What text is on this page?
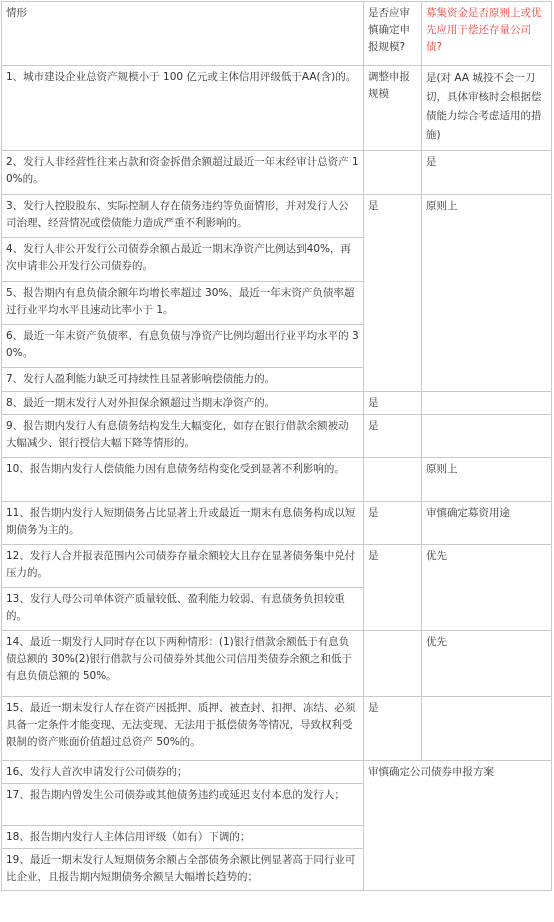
情形	是否应审慎确定申报规模?	募集资金是否原则上或优先应用于偿还存量公司债?
1、城市建设企业总资产规模小于 100 亿元或主体信用评级低于AA(含)的。	调整申报规模	是(对 AA 城投不会一刀切，具体审核时会根据偿债能力综合考虑适用的措施)
2、发行人非经营性往来占款和资金拆借余额超过最近一年末经审计总资产 10%的。		是
3、发行人控股股东、实际控制人存在债务违约等负面情形，并对发行人公司治理、经营情况或偿债能力造成严重不利影响的。	是	原则上
4、发行人非公开发行公司债券余额占最近一期末净资产比例达到40%，再次申请非公开发行公司债券的。		
5、报告期内有息负债余额年均增长率超过 30%、最近一年末资产负债率超过行业平均水平且速动比率小于 1。		
6、最近一年末资产负债率、有息负债与净资产比例均超出行业平均水平的 30%。		
7、发行人盈利能力缺乏可持续性且显著影响偿债能力的。		
8、最近一期末发行人对外担保余额超过当期末净资产的。	是	
9、报告期内发行人有息债务结构发生大幅变化，如存在银行借款余额被动大幅减少、银行授信大幅下降等情形的。	是	
10、报告期内发行人偿债能力因有息债务结构变化受到显著不利影响的。		原则上
11、报告期内发行人短期债务占比显著上升或最近一期末有息债务构成以短期债务为主的。	是	审慎确定募资用途
12、发行人合并报表范围内公司债券存量余额较大且存在显著债务集中兑付压力的。	是	优先
13、发行人母公司单体资产质量较低、盈利能力较弱、有息债务负担较重的。		
14、最近一期发行人同时存在以下两种情形：(1)银行借款余额低于有息负债总额的 30%(2)银行借款与公司债券外其他公司信用类债券余额之和低于有息负债总额的 50%。		优先
15、最近一期末发行人存在资产因抵押、质押、被查封、扣押、冻结、必须具备一定条件才能变现、无法变现、无法用于抵偿债务等情况，导致权利受限制的资产账面价值超过总资产 50%的。	是	
16、发行人首次申请发行公司债券的；	审慎确定公司债券申报方案	
17、报告期内曾发生公司债券或其他债务违约或延迟支付本息的发行人；		
18、报告期内发行人主体信用评级（如有）下调的；		
19、最近一期末发行人短期债务余额占全部债务余额比例显著高于同行业可比企业，且报告期内短期债务余额呈大幅增长趋势的；		
